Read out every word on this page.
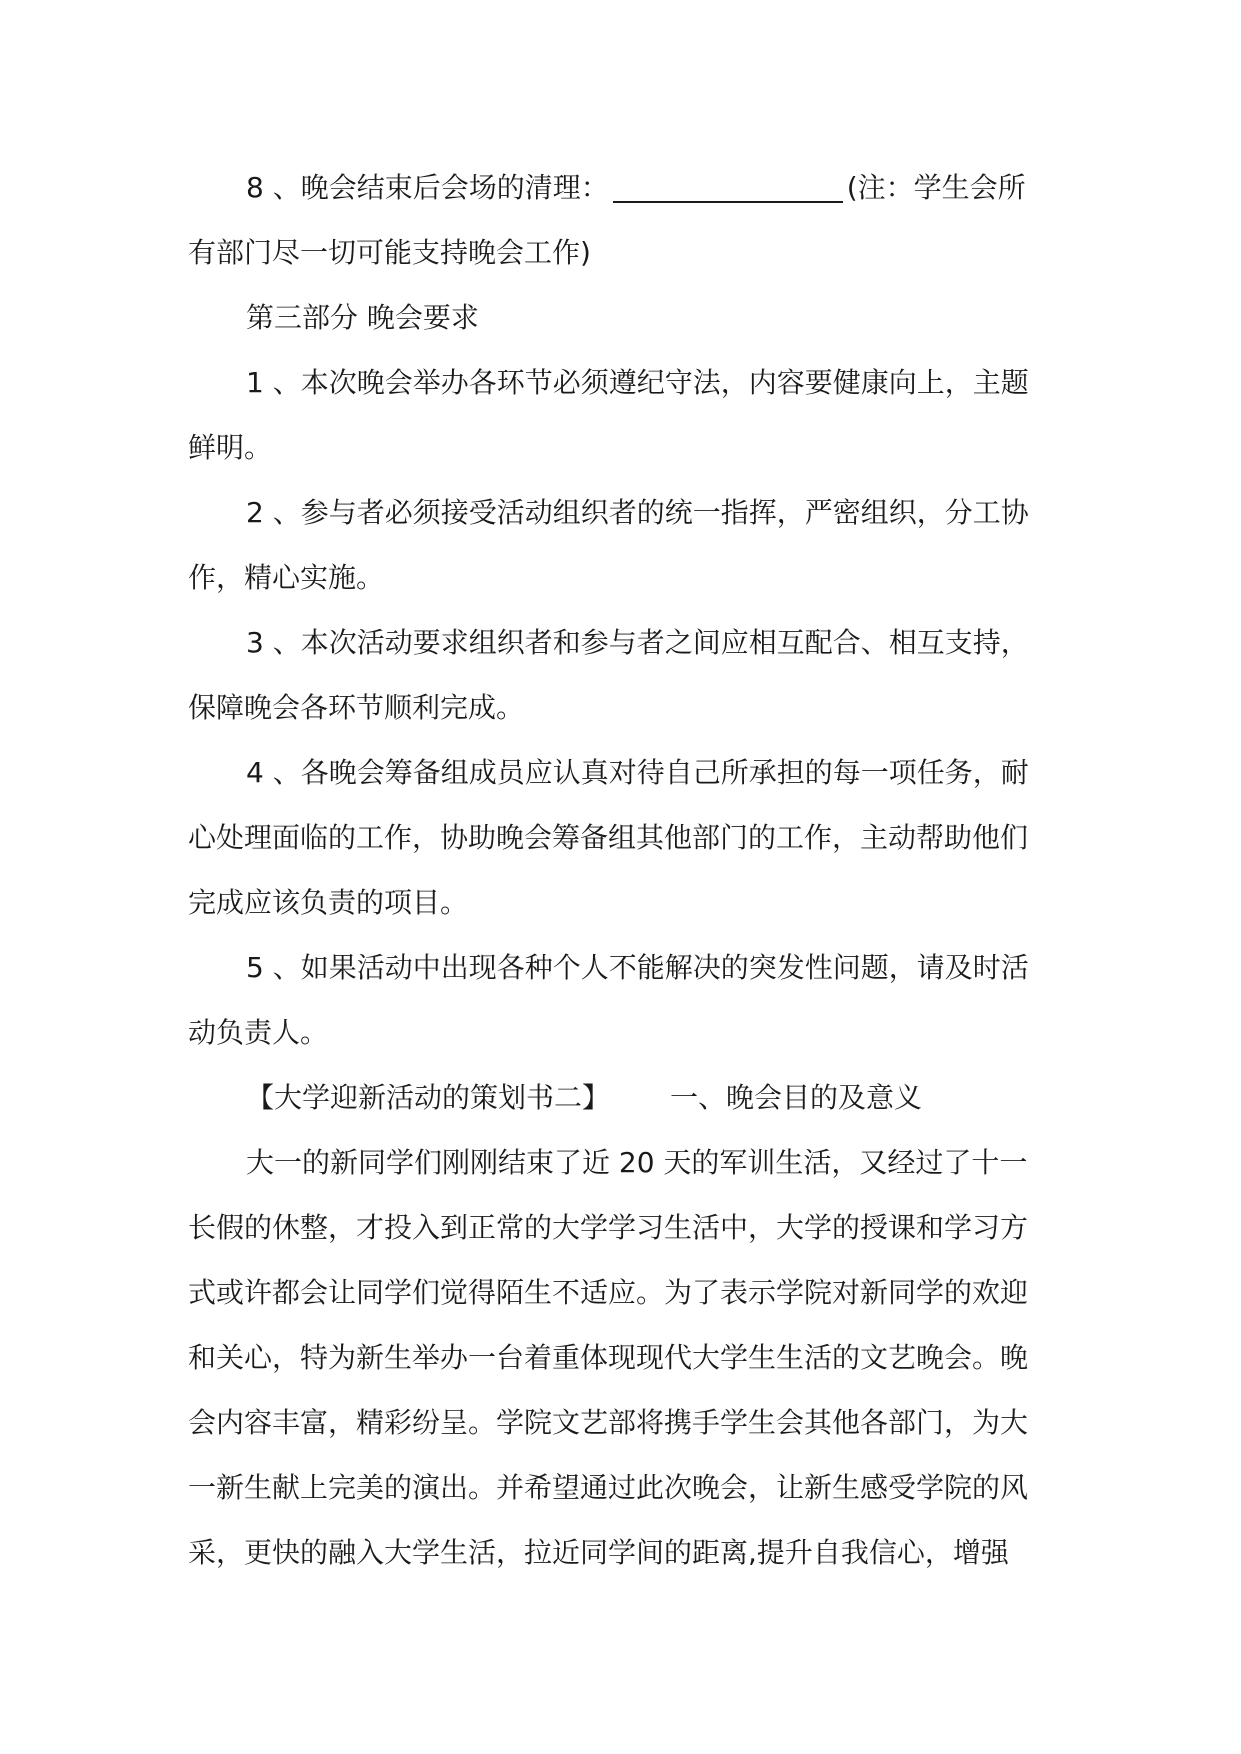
8 、晚会结束后会场的清理：	(注：学生会所
有部门尽一切可能支持晚会工作)
第三部分 晚会要求
1 、本次晚会举办各环节必须遵纪守法，内容要健康向上，主题
鲜明。
2 、参与者必须接受活动组织者的统一指挥，严密组织，分工协
作，精心实施。
3 、本次活动要求组织者和参与者之间应相互配合、相互支持，
保障晚会各环节顺利完成。
4 、各晚会筹备组成员应认真对待自己所承担的每一项任务，耐
心处理面临的工作，协助晚会筹备组其他部门的工作，主动帮助他们
完成应该负责的项目。
5 、如果活动中出现各种个人不能解决的突发性问题，请及时活
动负责人。
【大学迎新活动的策划书二】 一、晚会目的及意义
大一的新同学们刚刚结束了近 20 天的军训生活，又经过了十一
长假的休整，才投入到正常的大学学习生活中，大学的授课和学习方
式或许都会让同学们觉得陌生不适应。为了表示学院对新同学的欢迎
和关心，特为新生举办一台着重体现现代大学生生活的文艺晚会。晚
会内容丰富，精彩纷呈。学院文艺部将携手学生会其他各部门，为大
一新生献上完美的演出。并希望通过此次晚会，让新生感受学院的风
采，更快的融入大学生活，拉近同学间的距离,提升自我信心，增强
